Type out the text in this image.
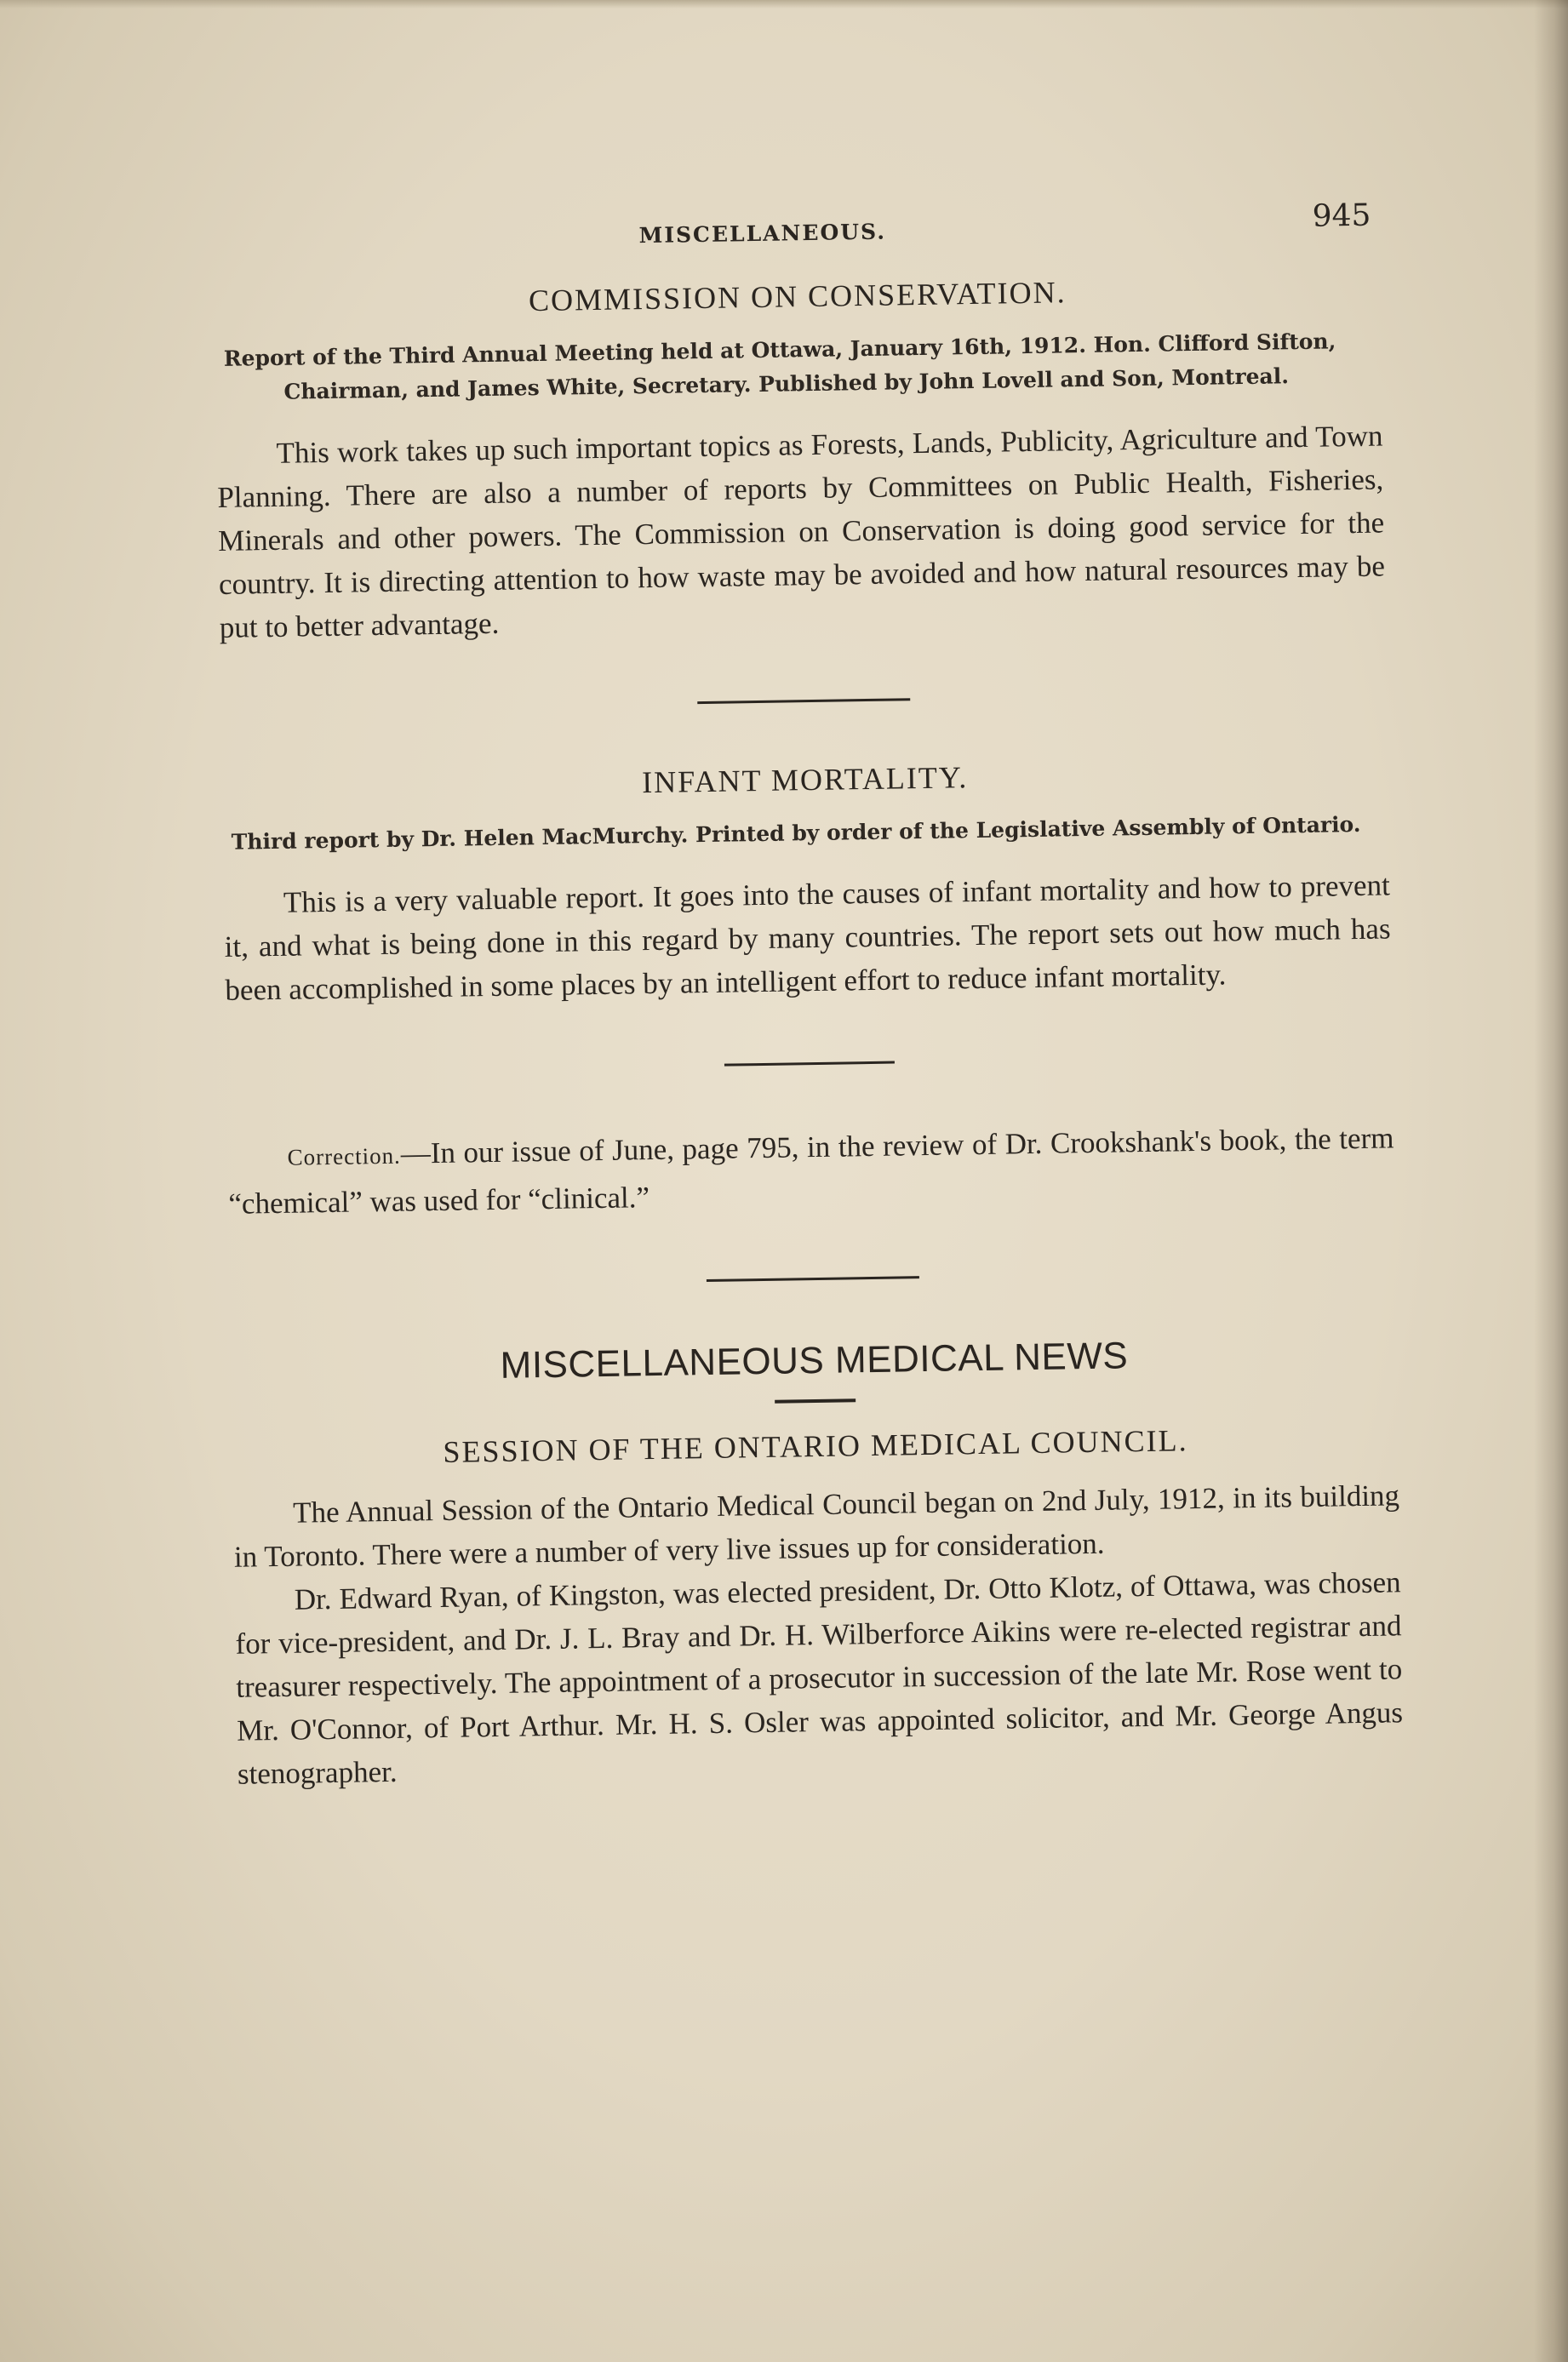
MISCELLANEOUS.	945
COMMISSION ON CONSERVATION.

Report of the Third Annual Meeting held at Ottawa, January 16th, 1912. Hon. Clifford Sifton, Chairman, and James White, Secretary. Published by John Lovell and Son, Montreal.

This work takes up such important topics as Forests, Lands, Publicity, Agriculture and Town Planning. There are also a number of reports by Committees on Public Health, Fisheries, Minerals and other powers. The Commission on Conservation is doing good service for the country. It is directing attention to how waste may be avoided and how natural resources may be put to better advantage.

INFANT MORTALITY.

Third report by Dr. Helen MacMurchy. Printed by order of the Legislative Assembly of Ontario.

This is a very valuable report. It goes into the causes of infant mortality and how to prevent it, and what is being done in this regard by many countries. The report sets out how much has been accomplished in some places by an intelligent effort to reduce infant mortality.

Correction.—In our issue of June, page 795, in the review of Dr. Crookshank's book, the term “chemical” was used for “clinical.”

MISCELLANEOUS MEDICAL NEWS
SESSION OF THE ONTARIO MEDICAL COUNCIL.

The Annual Session of the Ontario Medical Council began on 2nd July, 1912, in its building in Toronto. There were a number of very live issues up for consideration.

Dr. Edward Ryan, of Kingston, was elected president, Dr. Otto Klotz, of Ottawa, was chosen for vice-president, and Dr. J. L. Bray and Dr. H. Wilberforce Aikins were re-elected registrar and treasurer respectively. The appointment of a prosecutor in succession of the late Mr. Rose went to Mr. O'Connor, of Port Arthur. Mr. H. S. Osler was appointed solicitor, and Mr. George Angus stenographer.
